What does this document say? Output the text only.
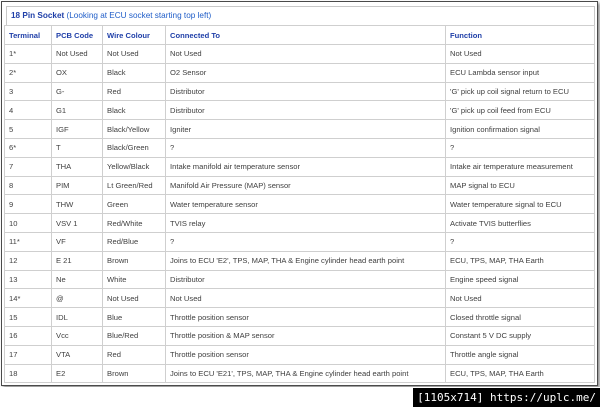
18 Pin Socket (Looking at ECU socket starting top left)
Terminal	PCB Code	Wire Colour	Connected To	Function
1*	Not Used	Not Used	Not Used	Not Used
2*	OX	Black	O2 Sensor	ECU Lambda sensor input
3	G-	Red	Distributor	'G' pick up coil signal return to ECU
4	G1	Black	Distributor	'G' pick up coil feed from ECU
5	IGF	Black/Yellow	Igniter	Ignition confirmation signal
6*	T	Black/Green	?	?
7	THA	Yellow/Black	Intake manifold air temperature sensor	Intake air temperature measurement
8	PIM	Lt Green/Red	Manifold Air Pressure (MAP) sensor	MAP signal to ECU
9	THW	Green	Water temperature sensor	Water temperature signal to ECU
10	VSV 1	Red/White	TVIS relay	Activate TVIS butterflies
11*	VF	Red/Blue	?	?
12	E 21	Brown	Joins to ECU 'E2', TPS, MAP, THA & Engine cylinder head earth point	ECU, TPS, MAP, THA Earth
13	Ne	White	Distributor	Engine speed signal
14*	@	Not Used	Not Used	Not Used
15	IDL	Blue	Throttle position sensor	Closed throttle signal
16	Vcc	Blue/Red	Throttle position & MAP sensor	Constant 5 V DC supply
17	VTA	Red	Throttle position sensor	Throttle angle signal
18	E2	Brown	Joins to ECU 'E21', TPS, MAP, THA & Engine cylinder head earth point	ECU, TPS, MAP, THA Earth
[1105x714] https://uplc.me/
